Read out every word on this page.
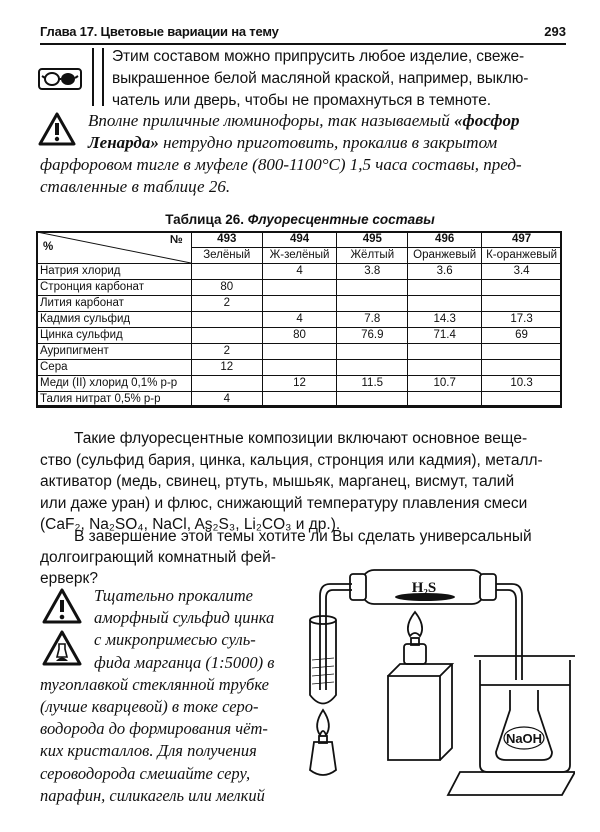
Глава 17. Цветовые вариации на тему	293
Этим составом можно припрусить любое изделие, свеже-
выкрашенное белой масляной краской, например, выклю-
чатель или дверь, чтобы не промахнуться в темноте.
Вполне приличные люминофоры, так называемый «фосфор
Ленарда» нетрудно приготовить, прокалив в закрытом
фарфоровом тигле в муфеле (800-1100°С) 1,5 часа составы, пред-
ставленные в таблице 26.
Таблица 26. Флуоресцентные составы
%
№	493	494	495	496	497
	Зелёный	Ж-зелёный	Жёлтый	Оранжевый	К-оранжевый
Натрия хлорид		4	3.8	3.6	3.4
Стронция карбонат	80				
Лития карбонат	2				
Кадмия сульфид		4	7.8	14.3	17.3
Цинка сульфид		80	76.9	71.4	69
Аурипигмент	2				
Сера	12				
Меди (II) хлорид 0,1% р-р		12	11.5	10.7	10.3
Талия нитрат 0,5% р-р	4				
Такие флуоресцентные композиции включают основное веще-
ство (сульфид бария, цинка, кальция, стронция или кадмия), металл-
активатор (медь, свинец, ртуть, мышьяк, марганец, висмут, талий
или даже уран) и флюс, снижающий температуру плавления смеси
(CaF₂, Na₂SO₄, NaCl, As₂S₃, Li₂CO₃ и др.).
В завершение этой темы хотите ли Вы сделать универсальный
долгоиграющий комнатный фей-
ерверк?
Тщательно прокалите
аморфный сульфид цинка
с микропримесью суль-
фида марганца (1:5000) в
тугоплавкой стеклянной трубке
(лучше кварцевой) в токе серо-
водорода до формирования чёт-
ких кристаллов. Для получения
сероводорода смешайте серу,
парафин, силикагель или мелкий
H₂S
NaOH
